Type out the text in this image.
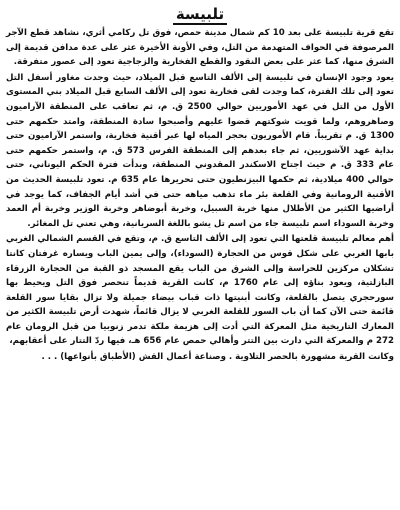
تلبيسة

تقع قرية تلبيسة على بعد 10 كم شمال مدينة حمص، فوق تل ركامي أثري، نشاهد قطع الآجر المرصوفة في الحواف المتهدمة من التل، وفي الأونة الأخيرة عثر على عدة مدافن قديمة إلى الشرق منها، كما عثر على بعض النقود والقطع الفخارية والزجاجية تعود إلى عصور متفرقة.

يعود وجود الإنسان في تلبيسة إلى الألف التاسع قبل الميلاد، حيث وجدت مغاور أسفل التل تعود إلى تلك الفترة، كما وجدت لقى فخارية تعود إلى الألف السابع قبل الميلاد بني المستوى الأول من التل في عهد الأموريين حوالي 2500 ق. م، ثم تعاقب على المنطقة الآراميون وصاهروهم، ولما قويت شوكتهم قضوا عليهم وأصبحوا سادة المنطقة، وامتد حكمهم حتى 1300 ق. م تقريباً. قام الأموريون بحجر المياه لها عبر أقنية فخارية، واستمر الآراميون حتى بداية عهد الآشوريين، ثم جاء بعدهم إلى المنطقة الفرس 573 ق. م، واستمر حكمهم حتى عام 333 ق. م حيث اجتاح الاسكندر المقدوني المنطقة، وبدأت فترة الحكم اليوناني، حتى حوالي 400 ميلادية، ثم حكمها البيزنطيون حتى تحريرها عام 635 م. تعود تلبيسة الحديث من الأقنية الرومانية وفي القلعة بئر ماء تذهب مياهه حتى في أشد أيام الجفاف، كما يوجد في أراضيها الكثير من الأطلال منها خربة السبيل، وخربة أبوضاهر وخربة الوزير وخربة أم العمد وخربة السوداء اسم تلبيسة جاء من اسم تل يشو باللغة السريانية، وهي تعني تل المغائر.

أهم معالم تلبيسة قلعتها التي تعود إلى الألف التاسع ق. م، وتقع في القسم الشمالي الغربي بابها الغربي على شكل قوس من الحجارة (السوداء)، وإلى يمين الباب ويساره غرفتان كانتا تشكلان مركزين للحراسة وإلى الشرق من الباب يقع المسجد ذو القبة من الحجارة الزرقاء البازلتية، ويعود بناؤه إلى عام 1760 م، كانت القرية قديماً تنحصر فوق التل ويحيط بها سورحجري يتصل بالقلعة، وكانت أبنيتها ذات قباب بيضاء جميلة ولا تزال بقايا سور القلعة قائمة حتى الآن كما أن باب السور للقلعة الغربي لا يزال قائماً، شهدت أرض تلبيسة الكثير من المعارك التاريخية مثل المعركة التي أدت إلى هزيمة ملكة تدمر زنوبيا من قبل الرومان عام 272 م والمعركة التي دارت بين التتر وأهالي حمص عام 656 هـ، فيها ردّ التتار على أعقابهم،

وكانت القرية مشهورة بالحصر التلاوية . وصناعة أعمال القش (الأطباق بأنواعها) . . .
